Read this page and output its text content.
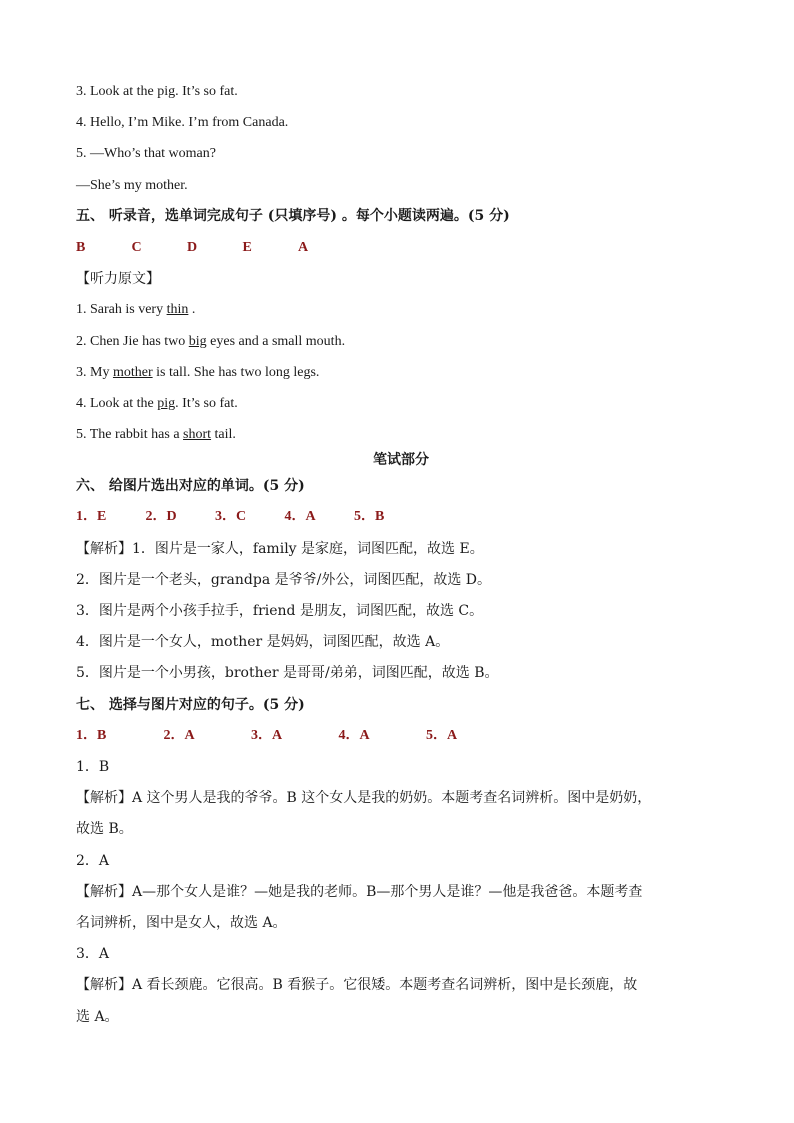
3. Look at the pig. It’s so fat.
4. Hello, I’m Mike. I’m from Canada.
5. —Who’s that woman?
—She’s my mother.
五、 听录音，选单词完成句子 (只填序号) 。每个小题读两遍。(5 分)
B	C	D	E	A
【听力原文】
1. Sarah is very thin .
2. Chen Jie has two big eyes and a small mouth.
3. My mother is tall. She has two long legs.
4. Look at the pig. It’s so fat.
5. The rabbit has a short tail.
笔试部分
六、 给图片选出对应的单词。(5 分)
1．E	2．D	3．C	4．A	5．B
【解析】1．图片是一家人，family 是家庭，词图匹配，故选 E。
2．图片是一个老头，grandpa 是爷爷/外公，词图匹配，故选 D。
3．图片是两个小孩手拉手，friend 是朋友，词图匹配，故选 C。
4．图片是一个女人，mother 是妈妈，词图匹配，故选 A。
5．图片是一个小男孩，brother 是哥哥/弟弟，词图匹配，故选 B。
七、 选择与图片对应的句子。(5 分)
1．B	2．A	3．A	4．A	5．A
1．B
【解析】A 这个男人是我的爷爷。B 这个女人是我的奶奶。本题考查名词辨析。图中是奶奶，
故选 B。
2．A
【解析】A—那个女人是谁？—她是我的老师。B—那个男人是谁？—他是我爸爸。本题考查
名词辨析，图中是女人，故选 A。
3．A
【解析】A 看长颈鹿。它很高。B 看猴子。它很矮。本题考查名词辨析，图中是长颈鹿，故
选 A。
